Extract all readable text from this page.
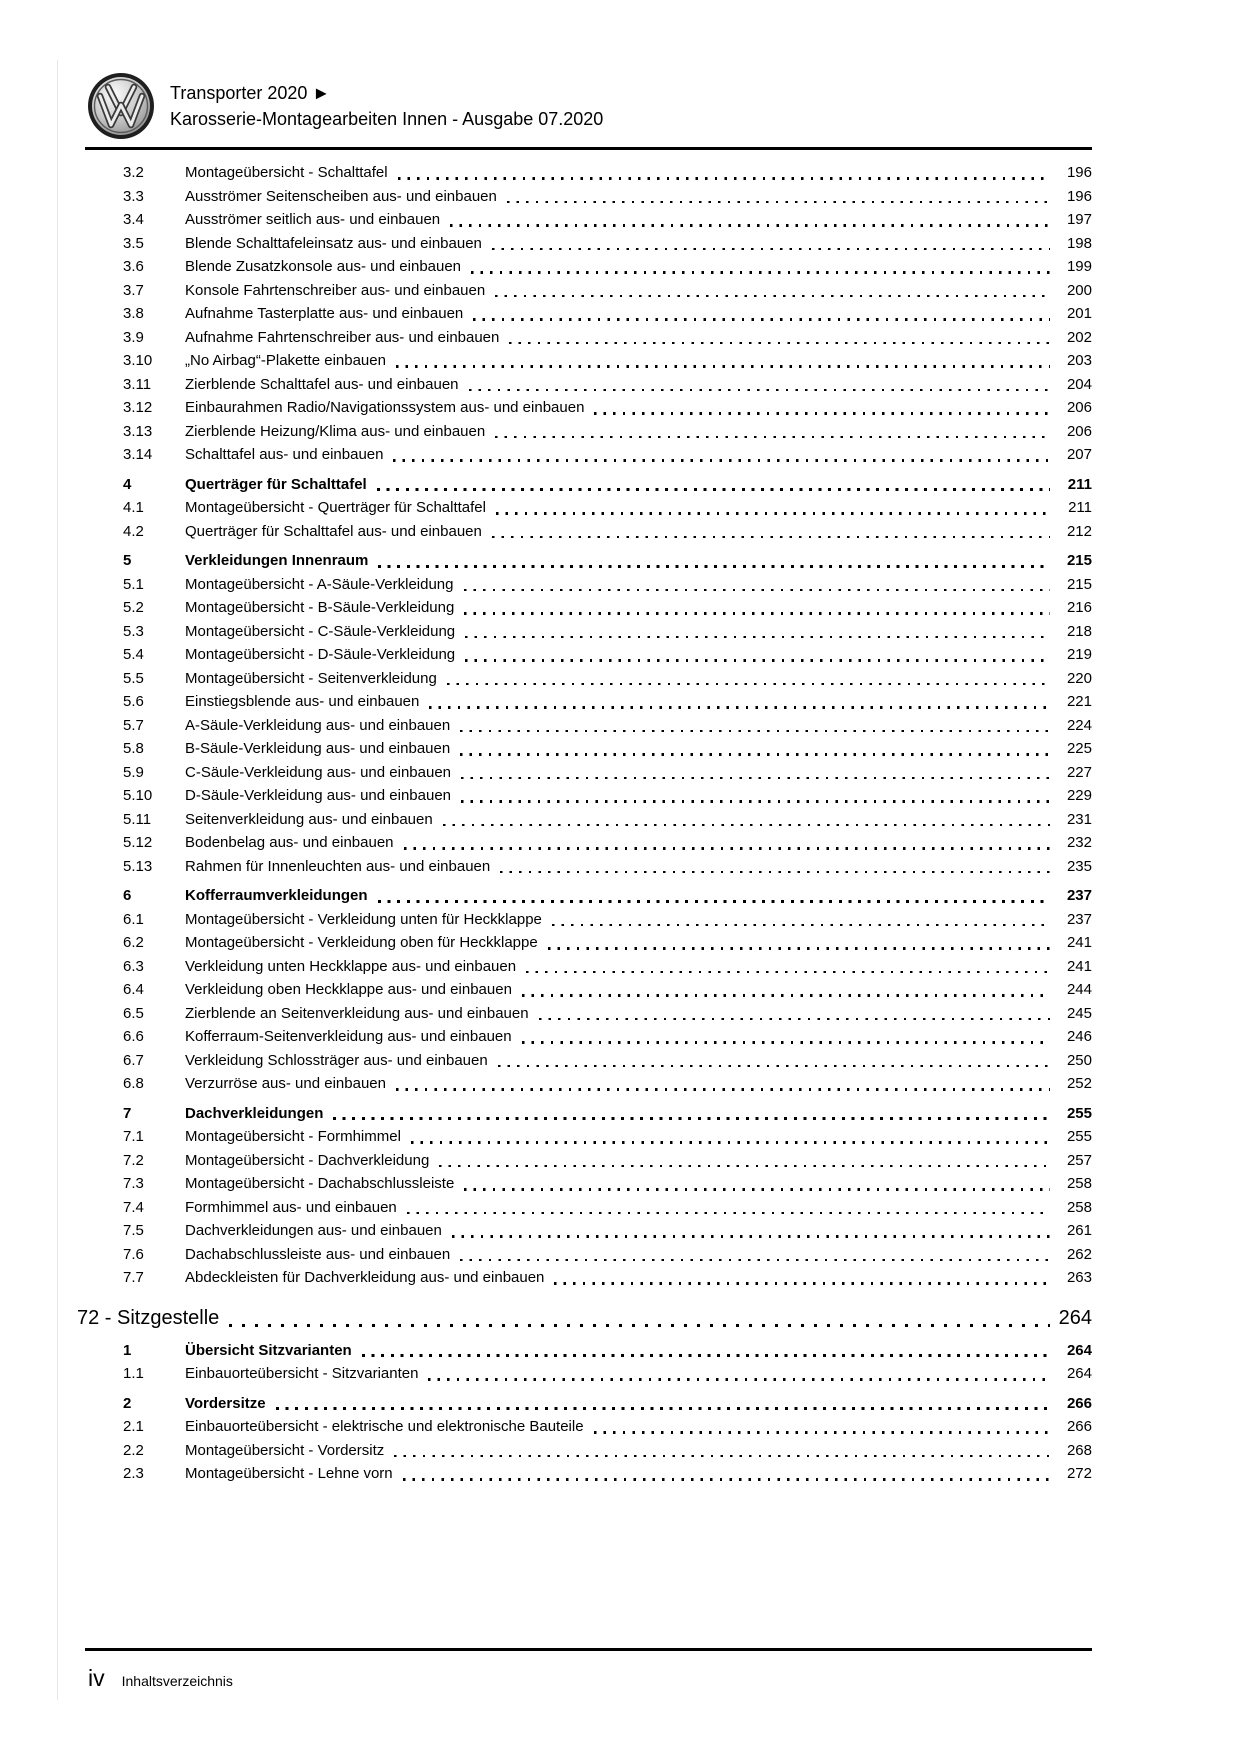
Transporter 2020 ►
Karosserie-Montagearbeiten Innen - Ausgabe 07.2020
3.2	Montageübersicht - Schalttafel	196
3.3	Ausströmer Seitenscheiben aus- und einbauen	196
3.4	Ausströmer seitlich aus- und einbauen	197
3.5	Blende Schalttafeleinsatz aus- und einbauen	198
3.6	Blende Zusatzkonsole aus- und einbauen	199
3.7	Konsole Fahrtenschreiber aus- und einbauen	200
3.8	Aufnahme Tasterplatte aus- und einbauen	201
3.9	Aufnahme Fahrtenschreiber aus- und einbauen	202
3.10	„No Airbag“-Plakette einbauen	203
3.11	Zierblende Schalttafel aus- und einbauen	204
3.12	Einbaurahmen Radio/Navigationssystem aus- und einbauen	206
3.13	Zierblende Heizung/Klima aus- und einbauen	206
3.14	Schalttafel aus- und einbauen	207
4	Querträger für Schalttafel	211
4.1	Montageübersicht - Querträger für Schalttafel	211
4.2	Querträger für Schalttafel aus- und einbauen	212
5	Verkleidungen Innenraum	215
5.1	Montageübersicht - A-Säule-Verkleidung	215
5.2	Montageübersicht - B-Säule-Verkleidung	216
5.3	Montageübersicht - C-Säule-Verkleidung	218
5.4	Montageübersicht - D-Säule-Verkleidung	219
5.5	Montageübersicht - Seitenverkleidung	220
5.6	Einstiegsblende aus- und einbauen	221
5.7	A-Säule-Verkleidung aus- und einbauen	224
5.8	B-Säule-Verkleidung aus- und einbauen	225
5.9	C-Säule-Verkleidung aus- und einbauen	227
5.10	D-Säule-Verkleidung aus- und einbauen	229
5.11	Seitenverkleidung aus- und einbauen	231
5.12	Bodenbelag aus- und einbauen	232
5.13	Rahmen für Innenleuchten aus- und einbauen	235
6	Kofferraumverkleidungen	237
6.1	Montageübersicht - Verkleidung unten für Heckklappe	237
6.2	Montageübersicht - Verkleidung oben für Heckklappe	241
6.3	Verkleidung unten Heckklappe aus- und einbauen	241
6.4	Verkleidung oben Heckklappe aus- und einbauen	244
6.5	Zierblende an Seitenverkleidung aus- und einbauen	245
6.6	Kofferraum-Seitenverkleidung aus- und einbauen	246
6.7	Verkleidung Schlossträger aus- und einbauen	250
6.8	Verzurröse aus- und einbauen	252
7	Dachverkleidungen	255
7.1	Montageübersicht - Formhimmel	255
7.2	Montageübersicht - Dachverkleidung	257
7.3	Montageübersicht - Dachabschlussleiste	258
7.4	Formhimmel aus- und einbauen	258
7.5	Dachverkleidungen aus- und einbauen	261
7.6	Dachabschlussleiste aus- und einbauen	262
7.7	Abdeckleisten für Dachverkleidung aus- und einbauen	263
72 - Sitzgestelle	264
1	Übersicht Sitzvarianten	264
1.1	Einbauorteübersicht - Sitzvarianten	264
2	Vordersitze	266
2.1	Einbauorteübersicht - elektrische und elektronische Bauteile	266
2.2	Montageübersicht - Vordersitz	268
2.3	Montageübersicht - Lehne vorn	272
iv Inhaltsverzeichnis
